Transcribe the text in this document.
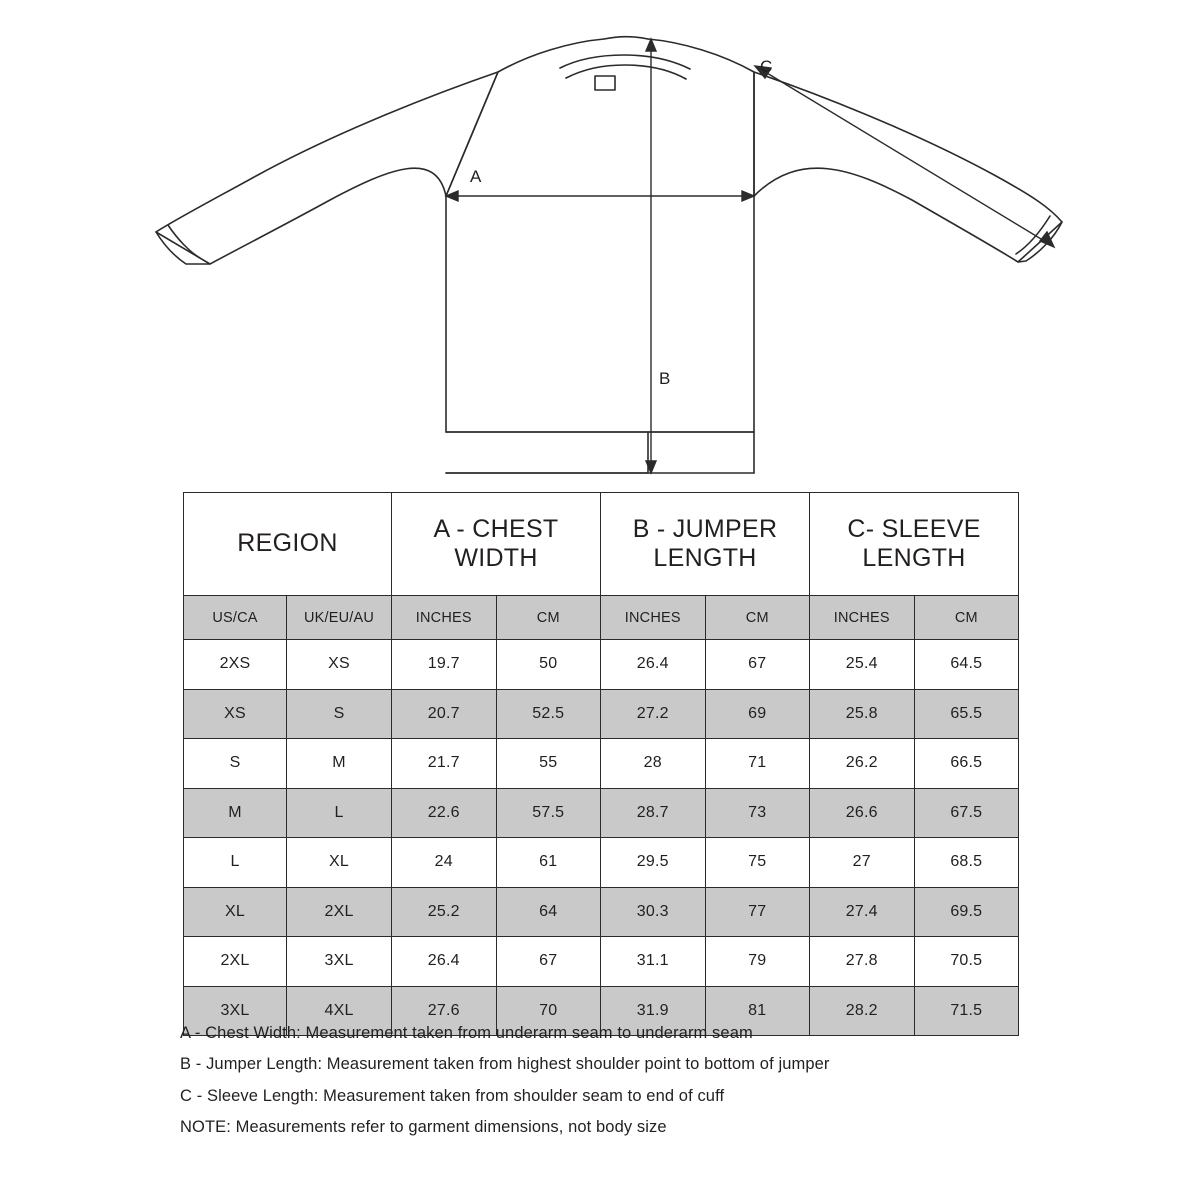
A
B
C
REGION		A - CHEST WIDTH		B - JUMPER LENGTH		C- SLEEVE LENGTH	
US/CA	UK/EU/AU	INCHES	CM	INCHES	CM	INCHES	CM
2XS	XS	19.7	50	26.4	67	25.4	64.5
XS	S	20.7	52.5	27.2	69	25.8	65.5
S	M	21.7	55	28	71	26.2	66.5
M	L	22.6	57.5	28.7	73	26.6	67.5
L	XL	24	61	29.5	75	27	68.5
XL	2XL	25.2	64	30.3	77	27.4	69.5
2XL	3XL	26.4	67	31.1	79	27.8	70.5
3XL	4XL	27.6	70	31.9	81	28.2	71.5

A - Chest Width: Measurement taken from underarm seam to underarm seam

B - Jumper Length: Measurement taken from highest shoulder point to bottom of jumper

C - Sleeve Length: Measurement taken from shoulder seam to end of cuff

NOTE: Measurements refer to garment dimensions, not body size
